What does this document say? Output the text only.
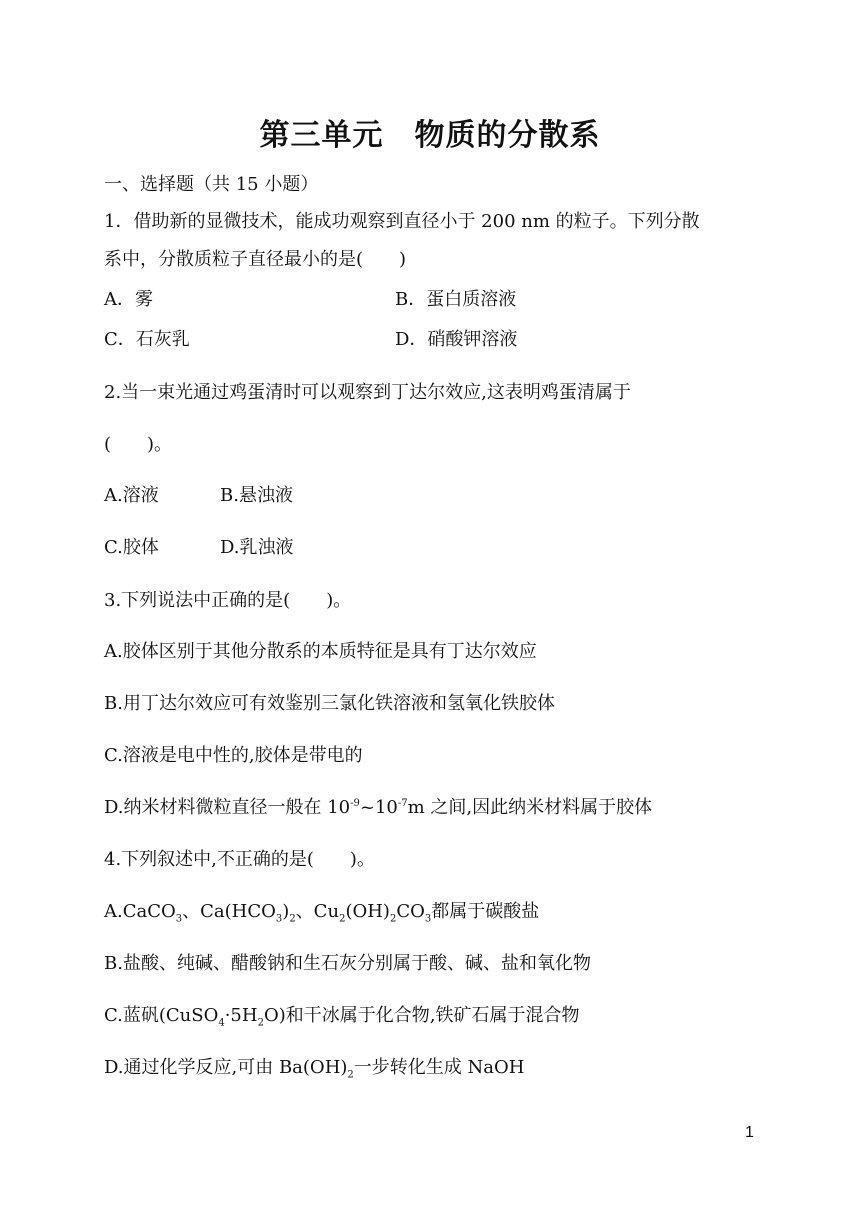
第三单元　物质的分散系
一、选择题（共 15 小题）
1．借助新的显微技术，能成功观察到直径小于 200 nm 的粒子。下列分散
系中，分散质粒子直径最小的是(　　)
A．雾	B．蛋白质溶液
C．石灰乳	D．硝酸钾溶液
2.当一束光通过鸡蛋清时可以观察到丁达尔效应,这表明鸡蛋清属于
(　　)。
A.溶液	B.悬浊液
C.胶体	D.乳浊液
3.下列说法中正确的是(　　)。
A.胶体区别于其他分散系的本质特征是具有丁达尔效应
B.用丁达尔效应可有效鉴别三氯化铁溶液和氢氧化铁胶体
C.溶液是电中性的,胶体是带电的
D.纳米材料微粒直径一般在 $10^{-9}\sim 10^{-7}m$ 之间,因此纳米材料属于胶体
4.下列叙述中,不正确的是(　　)。
A.CaCO$_3$、$Ca(HCO_3)_2$、$Cu_2(OH)_2CO_3$都属于碳酸盐
B.盐酸、纯碱、醋酸钠和生石灰分别属于酸、碱、盐和氧化物
C.蓝矾$(CuSO_4\cdot 5H_2O)$和干冰属于化合物,铁矿石属于混合物
D.通过化学反应,可由 $Ba(OH)_2$一步转化生成 NaOH
1
